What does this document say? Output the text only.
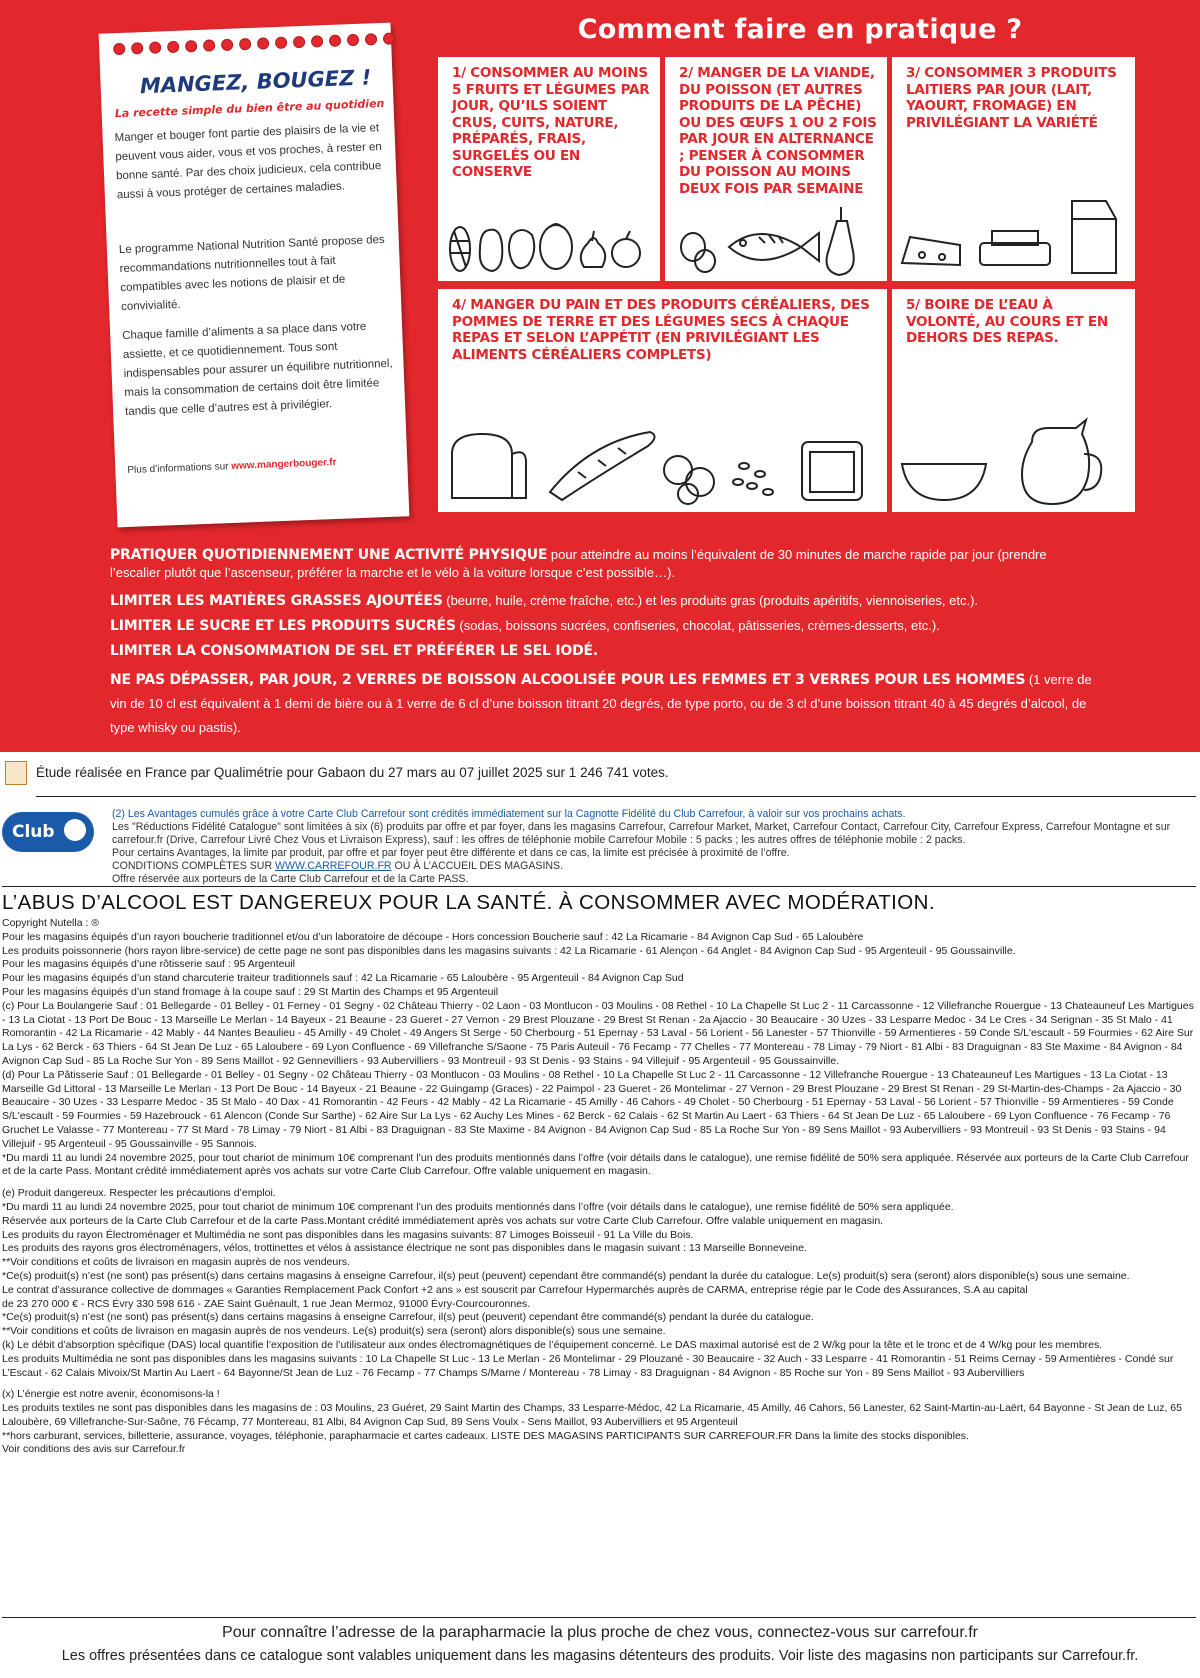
Comment faire en pratique ?
MANGEZ, BOUGEZ !
La recette simple du bien être au quotidien
Manger et bouger font partie des plaisirs de la vie et peuvent vous aider, vous et vos proches, à rester en bonne santé. Par des choix judicieux, cela contribue aussi à vous protéger de certaines maladies.
Le programme National Nutrition Santé propose des recommandations nutritionnelles tout à fait compatibles avec les notions de plaisir et de convivialité.
Chaque famille d’aliments a sa place dans votre assiette, et ce quotidiennement. Tous sont indispensables pour assurer un équilibre nutritionnel, mais la consommation de certains doit être limitée tandis que celle d’autres est à privilégier.
Plus d’informations sur www.mangerbouger.fr
1/ CONSOMMER AU MOINS 5 FRUITS ET LÉGUMES PAR JOUR, QU’ILS SOIENT CRUS, CUITS, NATURE, PRÉPARÉS, FRAIS, SURGELÉS OU EN CONSERVE
2/ MANGER DE LA VIANDE, DU POISSON (ET AUTRES PRODUITS DE LA PÊCHE) OU DES ŒUFS 1 OU 2 FOIS PAR JOUR EN ALTERNANCE ; PENSER À CONSOMMER DU POISSON AU MOINS DEUX FOIS PAR SEMAINE
3/ CONSOMMER 3 PRODUITS LAITIERS PAR JOUR (LAIT, YAOURT, FROMAGE) EN PRIVILÉGIANT LA VARIÉTÉ
4/ MANGER DU PAIN ET DES PRODUITS CÉRÉALIERS, DES POMMES DE TERRE ET DES LÉGUMES SECS À CHAQUE REPAS ET SELON L’APPÉTIT (EN PRIVILÉGIANT LES ALIMENTS CÉRÉALIERS COMPLETS)
5/ BOIRE DE L’EAU À VOLONTÉ, AU COURS ET EN DEHORS DES REPAS.
PRATIQUER QUOTIDIENNEMENT UNE ACTIVITÉ PHYSIQUE pour atteindre au moins l’équivalent de 30 minutes de marche rapide par jour (prendre l’escalier plutôt que l’ascenseur, préférer la marche et le vélo à la voiture lorsque c’est possible…).
LIMITER LES MATIÈRES GRASSES AJOUTÉES (beurre, huile, crème fraîche, etc.) et les produits gras (produits apéritifs, viennoiseries, etc.).
LIMITER LE SUCRE ET LES PRODUITS SUCRÉS (sodas, boissons sucrées, confiseries, chocolat, pâtisseries, crèmes-desserts, etc.).
LIMITER LA CONSOMMATION DE SEL ET PRÉFÉRER LE SEL IODÉ.
NE PAS DÉPASSER, PAR JOUR, 2 VERRES DE BOISSON ALCOOLISÉE POUR LES FEMMES ET 3 VERRES POUR LES HOMMES (1 verre de vin de 10 cl est équivalent à 1 demi de bière ou à 1 verre de 6 cl d’une boisson titrant 20 degrés, de type porto, ou de 3 cl d’une boisson titrant 40 à 45 degrés d’alcool, de type whisky ou pastis).
Étude réalisée en France par Qualimétrie pour Gabaon du 27 mars au 07 juillet 2025 sur 1 246 741 votes.
Club
(2) Les Avantages cumulés grâce à votre Carte Club Carrefour sont crédités immédiatement sur la Cagnotte Fidélité du Club Carrefour, à valoir sur vos prochains achats.
Les "Réductions Fidélité Catalogue" sont limitées à six (6) produits par offre et par foyer, dans les magasins Carrefour, Carrefour Market, Market, Carrefour Contact, Carrefour City, Carrefour Express, Carrefour Montagne et sur carrefour.fr (Drive, Carrefour Livré Chez Vous et Livraison Express), sauf : les offres de téléphonie mobile Carrefour Mobile : 5 packs ; les autres offres de téléphonie mobile : 2 packs.
Pour certains Avantages, la limite par produit, par offre et par foyer peut être différente et dans ce cas, la limite est précisée à proximité de l’offre.
CONDITIONS COMPLÈTES SUR WWW.CARREFOUR.FR OU À L’ACCUEIL DES MAGASINS.
Offre réservée aux porteurs de la Carte Club Carrefour et de la Carte PASS.
L’ABUS D’ALCOOL EST DANGEREUX POUR LA SANTÉ. À CONSOMMER AVEC MODÉRATION.

Copyright Nutella : ®

Pour les magasins équipés d’un rayon boucherie traditionnel et/ou d’un laboratoire de découpe - Hors concession Boucherie sauf : 42 La Ricamarie - 84 Avignon Cap Sud - 65 Laloubère

Les produits poissonnerie (hors rayon libre-service) de cette page ne sont pas disponibles dans les magasins suivants : 42 La Ricamarie - 61 Alençon - 64 Anglet - 84 Avignon Cap Sud - 95 Argenteuil - 95 Goussainville.

Pour les magasins équipés d’une rôtisserie sauf : 95 Argenteuil

Pour les magasins équipés d’un stand charcuterie traiteur traditionnels sauf : 42 La Ricamarie - 65 Laloubère - 95 Argenteuil - 84 Avignon Cap Sud

Pour les magasins équipés d’un stand fromage à la coupe sauf : 29 St Martin des Champs et 95 Argenteuil

(c) Pour La Boulangerie Sauf : 01 Bellegarde - 01 Belley - 01 Ferney - 01 Segny - 02 Château Thierry - 02 Laon - 03 Montlucon - 03 Moulins - 08 Rethel - 10 La Chapelle St Luc 2 - 11 Carcassonne - 12 Villefranche Rouergue - 13 Chateauneuf Les Martigues - 13 La Ciotat - 13 Port De Bouc - 13 Marseille Le Merlan - 14 Bayeux - 21 Beaune - 23 Gueret - 27 Vernon - 29 Brest Plouzane - 29 Brest St Renan - 2a Ajaccio - 30 Beaucaire - 30 Uzes - 33 Lesparre Medoc - 34 Le Cres - 34 Serignan - 35 St Malo - 41 Romorantin - 42 La Ricamarie - 42 Mably - 44 Nantes Beaulieu - 45 Amilly - 49 Cholet - 49 Angers St Serge - 50 Cherbourg - 51 Epernay - 53 Laval - 56 Lorient - 56 Lanester - 57 Thionville - 59 Armentieres - 59 Conde S/L'escault - 59 Fourmies - 62 Aire Sur La Lys - 62 Berck - 63 Thiers - 64 St Jean De Luz - 65 Laloubere - 69 Lyon Confluence - 69 Villefranche S/Saone - 75 Paris Auteuil - 76 Fecamp - 77 Chelles - 77 Montereau - 78 Limay - 79 Niort - 81 Albi - 83 Draguignan - 83 Ste Maxime - 84 Avignon - 84 Avignon Cap Sud - 85 La Roche Sur Yon - 89 Sens Maillot - 92 Gennevilliers - 93 Aubervilliers - 93 Montreuil - 93 St Denis - 93 Stains - 94 Villejuif - 95 Argenteuil - 95 Goussainville.

(d) Pour La Pâtisserie Sauf : 01 Bellegarde - 01 Belley - 01 Segny - 02 Château Thierry - 03 Montlucon - 03 Moulins - 08 Rethel - 10 La Chapelle St Luc 2 - 11 Carcassonne - 12 Villefranche Rouergue - 13 Chateauneuf Les Martigues - 13 La Ciotat - 13 Marseille Gd Littoral - 13 Marseille Le Merlan - 13 Port De Bouc - 14 Bayeux - 21 Beaune - 22 Guingamp (Graces) - 22 Paimpol - 23 Gueret - 26 Montelimar - 27 Vernon - 29 Brest Plouzane - 29 Brest St Renan - 29 St-Martin-des-Champs - 2a Ajaccio - 30 Beaucaire - 30 Uzes - 33 Lesparre Medoc - 35 St Malo - 40 Dax - 41 Romorantin - 42 Feurs - 42 Mably - 42 La Ricamarie - 45 Amilly - 46 Cahors - 49 Cholet - 50 Cherbourg - 51 Epernay - 53 Laval - 56 Lorient - 57 Thionville - 59 Armentieres - 59 Conde S/L'escault - 59 Fourmies - 59 Hazebrouck - 61 Alencon (Conde Sur Sarthe) - 62 Aire Sur La Lys - 62 Auchy Les Mines - 62 Berck - 62 Calais - 62 St Martin Au Laert - 63 Thiers - 64 St Jean De Luz - 65 Laloubere - 69 Lyon Confluence - 76 Fecamp - 76 Gruchet Le Valasse - 77 Montereau - 77 St Mard - 78 Limay - 79 Niort - 81 Albi - 83 Draguignan - 83 Ste Maxime - 84 Avignon - 84 Avignon Cap Sud - 85 La Roche Sur Yon - 89 Sens Maillot - 93 Aubervilliers - 93 Montreuil - 93 St Denis - 93 Stains - 94 Villejuif - 95 Argenteuil - 95 Goussainville - 95 Sannois.

*Du mardi 11 au lundi 24 novembre 2025, pour tout chariot de minimum 10€ comprenant l’un des produits mentionnés dans l’offre (voir détails dans le catalogue), une remise fidélité de 50% sera appliquée. Réservée aux porteurs de la Carte Club Carrefour et de la carte Pass. Montant crédité immédiatement après vos achats sur votre Carte Club Carrefour. Offre valable uniquement en magasin.

(e) Produit dangereux. Respecter les précautions d’emploi.

*Du mardi 11 au lundi 24 novembre 2025, pour tout chariot de minimum 10€ comprenant l’un des produits mentionnés dans l’offre (voir détails dans le catalogue), une remise fidélité de 50% sera appliquée.

Réservée aux porteurs de la Carte Club Carrefour et de la carte Pass.Montant crédité immédiatement après vos achats sur votre Carte Club Carrefour. Offre valable uniquement en magasin.

Les produits du rayon Électroménager et Multimédia ne sont pas disponibles dans les magasins suivants: 87 Limoges Boisseuil - 91 La Ville du Bois.

Les produits des rayons gros électroménagers, vélos, trottinettes et vélos à assistance électrique ne sont pas disponibles dans le magasin suivant : 13 Marseille Bonneveine.

**Voir conditions et coûts de livraison en magasin auprès de nos vendeurs.

*Ce(s) produit(s) n’est (ne sont) pas présent(s) dans certains magasins à enseigne Carrefour, il(s) peut (peuvent) cependant être commandé(s) pendant la durée du catalogue. Le(s) produit(s) sera (seront) alors disponible(s) sous une semaine.

Le contrat d’assurance collective de dommages « Garanties Remplacement Pack Confort +2 ans » est souscrit par Carrefour Hypermarchés auprès de CARMA, entreprise régie par le Code des Assurances, S.A au capital

de 23 270 000 € - RCS Évry 330 598 616 - ZAE Saint Guénault, 1 rue Jean Mermoz, 91000 Évry-Courcouronnes.

*Ce(s) produit(s) n’est (ne sont) pas présent(s) dans certains magasins à enseigne Carrefour, il(s) peut (peuvent) cependant être commandé(s) pendant la durée du catalogue.

**Voir conditions et coûts de livraison en magasin auprès de nos vendeurs. Le(s) produit(s) sera (seront) alors disponible(s) sous une semaine.

(k) Le débit d’absorption spécifique (DAS) local quantifie l’exposition de l’utilisateur aux ondes électromagnétiques de l’équipement concerné. Le DAS maximal autorisé est de 2 W/kg pour la tête et le tronc et de 4 W/kg pour les membres.

Les produits Multimédia ne sont pas disponibles dans les magasins suivants : 10 La Chapelle St Luc - 13 Le Merlan - 26 Montelimar - 29 Plouzané - 30 Beaucaire - 32 Auch - 33 Lesparre - 41 Romorantin - 51 Reims Cernay - 59 Armentières - Condé sur L’Escaut - 62 Calais Mivoix/St Martin Au Laert - 64 Bayonne/St Jean de Luz - 76 Fecamp - 77 Champs S/Marne / Montereau - 78 Limay - 83 Draguignan - 84 Avignon - 85 Roche sur Yon - 89 Sens Maillot - 93 Aubervilliers

(x) L’énergie est notre avenir, économisons-la !

Les produits textiles ne sont pas disponibles dans les magasins de : 03 Moulins, 23 Guéret, 29 Saint Martin des Champs, 33 Lesparre-Médoc, 42 La Ricamarie, 45 Amilly, 46 Cahors, 56 Lanester, 62 Saint-Martin-au-Laërt, 64 Bayonne - St Jean de Luz, 65 Laloubère, 69 Villefranche-Sur-Saône, 76 Fécamp, 77 Montereau, 81 Albi, 84 Avignon Cap Sud, 89 Sens Voulx - Sens Maillot, 93 Aubervilliers et 95 Argenteuil

**hors carburant, services, billetterie, assurance, voyages, téléphonie, parapharmacie et cartes cadeaux. LISTE DES MAGASINS PARTICIPANTS SUR CARREFOUR.FR Dans la limite des stocks disponibles.

Voir conditions des avis sur Carrefour.fr

Pour connaître l’adresse de la parapharmacie la plus proche de chez vous, connectez-vous sur carrefour.fr
Les offres présentées dans ce catalogue sont valables uniquement dans les magasins détenteurs des produits. Voir liste des magasins non participants sur Carrefour.fr.
